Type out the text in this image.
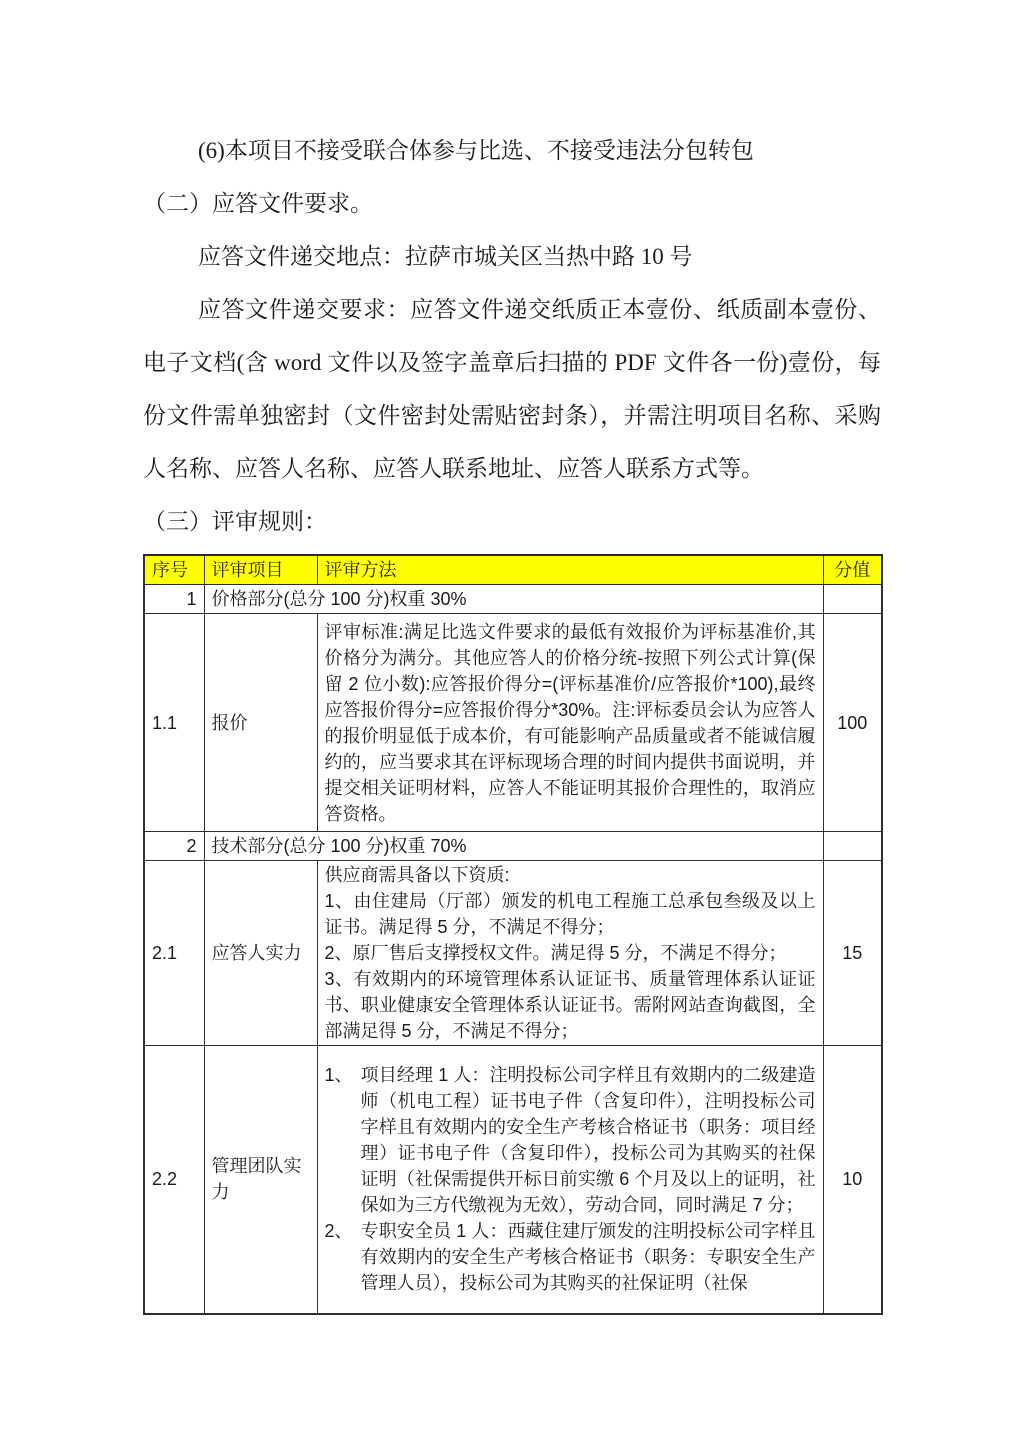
(6)本项目不接受联合体参与比选、不接受违法分包转包

（二）应答文件要求。

应答文件递交地点：拉萨市城关区当热中路 10 号

应答文件递交要求：应答文件递交纸质正本壹份、纸质副本壹份、电子文档(含 word 文件以及签字盖章后扫描的 PDF 文件各一份)壹份，每份文件需单独密封（文件密封处需贴密封条），并需注明项目名称、采购人名称、应答人名称、应答人联系地址、应答人联系方式等。

（三）评审规则：

序号	评审项目	评审方法	分值
1	价格部分(总分 100 分)权重 30%		
1.1	报价	评审标准:满足比选文件要求的最低有效报价为评标基准价,其价格分为满分。其他应答人的价格分统-按照下列公式计算(保留 2 位小数):应答报价得分=(评标基准价/应答报价*100),最终应答报价得分=应答报价得分*30%。注:评标委员会认为应答人的报价明显低于成本价，有可能影响产品质量或者不能诚信履约的，应当要求其在评标现场合理的时间内提供书面说明，并提交相关证明材料，应答人不能证明其报价合理性的，取消应答资格。	100
2	技术部分(总分 100 分)权重 70%		
2.1	应答人实力	供应商需具备以下资质:
1、由住建局（厅部）颁发的机电工程施工总承包叁级及以上证书。满足得 5 分，不满足不得分；
2、原厂售后支撑授权文件。满足得 5 分，不满足不得分；
3、有效期内的环境管理体系认证证书、质量管理体系认证证书、职业健康安全管理体系认证证书。需附网站查询截图，全部满足得 5 分，不满足不得分；	15
2.2	管理团队实力	1、 项目经理 1 人：注明投标公司字样且有效期内的二级建造师（机电工程）证书电子件（含复印件），注明投标公司字样且有效期内的安全生产考核合格证书（职务：项目经理）证书电子件（含复印件），投标公司为其购买的社保证明（社保需提供开标日前实缴 6 个月及以上的证明，社保如为三方代缴视为无效），劳动合同，同时满足 7 分；
2、 专职安全员 1 人：西藏住建厅颁发的注明投标公司字样且有效期内的安全生产考核合格证书（职务：专职安全生产管理人员），投标公司为其购买的社保证明（社保	10
